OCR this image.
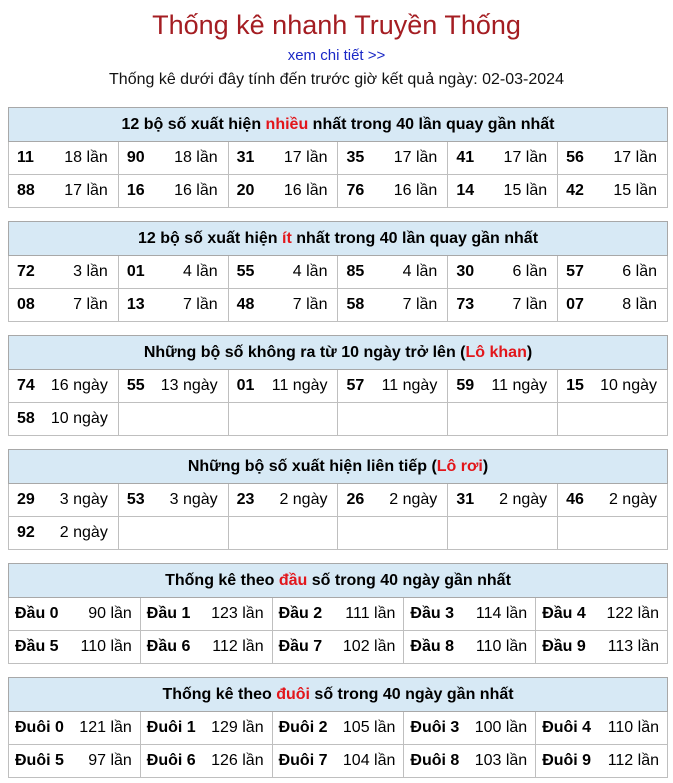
Thống kê nhanh Truyền Thống
xem chi tiết >>
Thống kê dưới đây tính đến trước giờ kết quả ngày: 02-03-2024
12 bộ số xuất hiện nhiều nhất trong 40 lần quay gần nhất					

11 18 lần	90 18 lần	31 17 lần	35 17 lần	41 17 lần	56 17 lần

88 17 lần	16 16 lần	20 16 lần	76 16 lần	14 15 lần	42 15 lần
12 bộ số xuất hiện ít nhất trong 40 lần quay gần nhất					

72 3 lần	01 4 lần	55 4 lần	85 4 lần	30 6 lần	57 6 lần

08 7 lần	13 7 lần	48 7 lần	58 7 lần	73 7 lần	07 8 lần
Những bộ số không ra từ 10 ngày trở lên (Lô khan)					

74 16 ngày	55 13 ngày	01 11 ngày	57 11 ngày	59 11 ngày	15 10 ngày

58 10 ngày					

Những bộ số xuất hiện liên tiếp (Lô rơi)					

29 3 ngày	53 3 ngày	23 2 ngày	26 2 ngày	31 2 ngày	46 2 ngày

92 2 ngày					

Thống kê theo đầu số trong 40 ngày gần nhất				

Đầu 0 90 lần	Đầu 1 123 lần	Đầu 2 111 lần	Đầu 3 114 lần	Đầu 4 122 lần

Đầu 5 110 lần	Đầu 6 112 lần	Đầu 7 102 lần	Đầu 8 110 lần	Đầu 9 113 lần
Thống kê theo đuôi số trong 40 ngày gần nhất				

Đuôi 0 121 lần	Đuôi 1 129 lần	Đuôi 2 105 lần	Đuôi 3 100 lần	Đuôi 4 110 lần

Đuôi 5 97 lần	Đuôi 6 126 lần	Đuôi 7 104 lần	Đuôi 8 103 lần	Đuôi 9 112 lần
